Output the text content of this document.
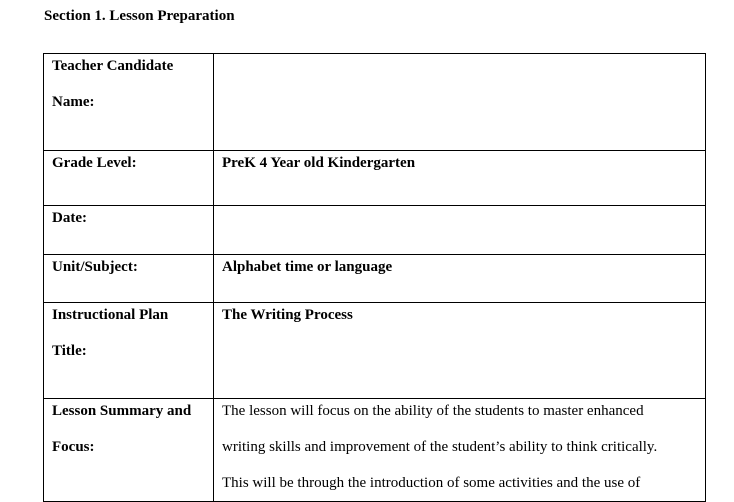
Section 1. Lesson Preparation
Teacher Candidate
Name:	

Grade Level:	PreK 4 Year old Kindergarten

Date:	

Unit/Subject:	Alphabet time or language

Instructional Plan
Title:	The Writing Process

Lesson Summary and
Focus:	The lesson will focus on the ability of the students to master enhanced
writing skills and improvement of the student’s ability to think critically.
This will be through the introduction of some activities and the use of
